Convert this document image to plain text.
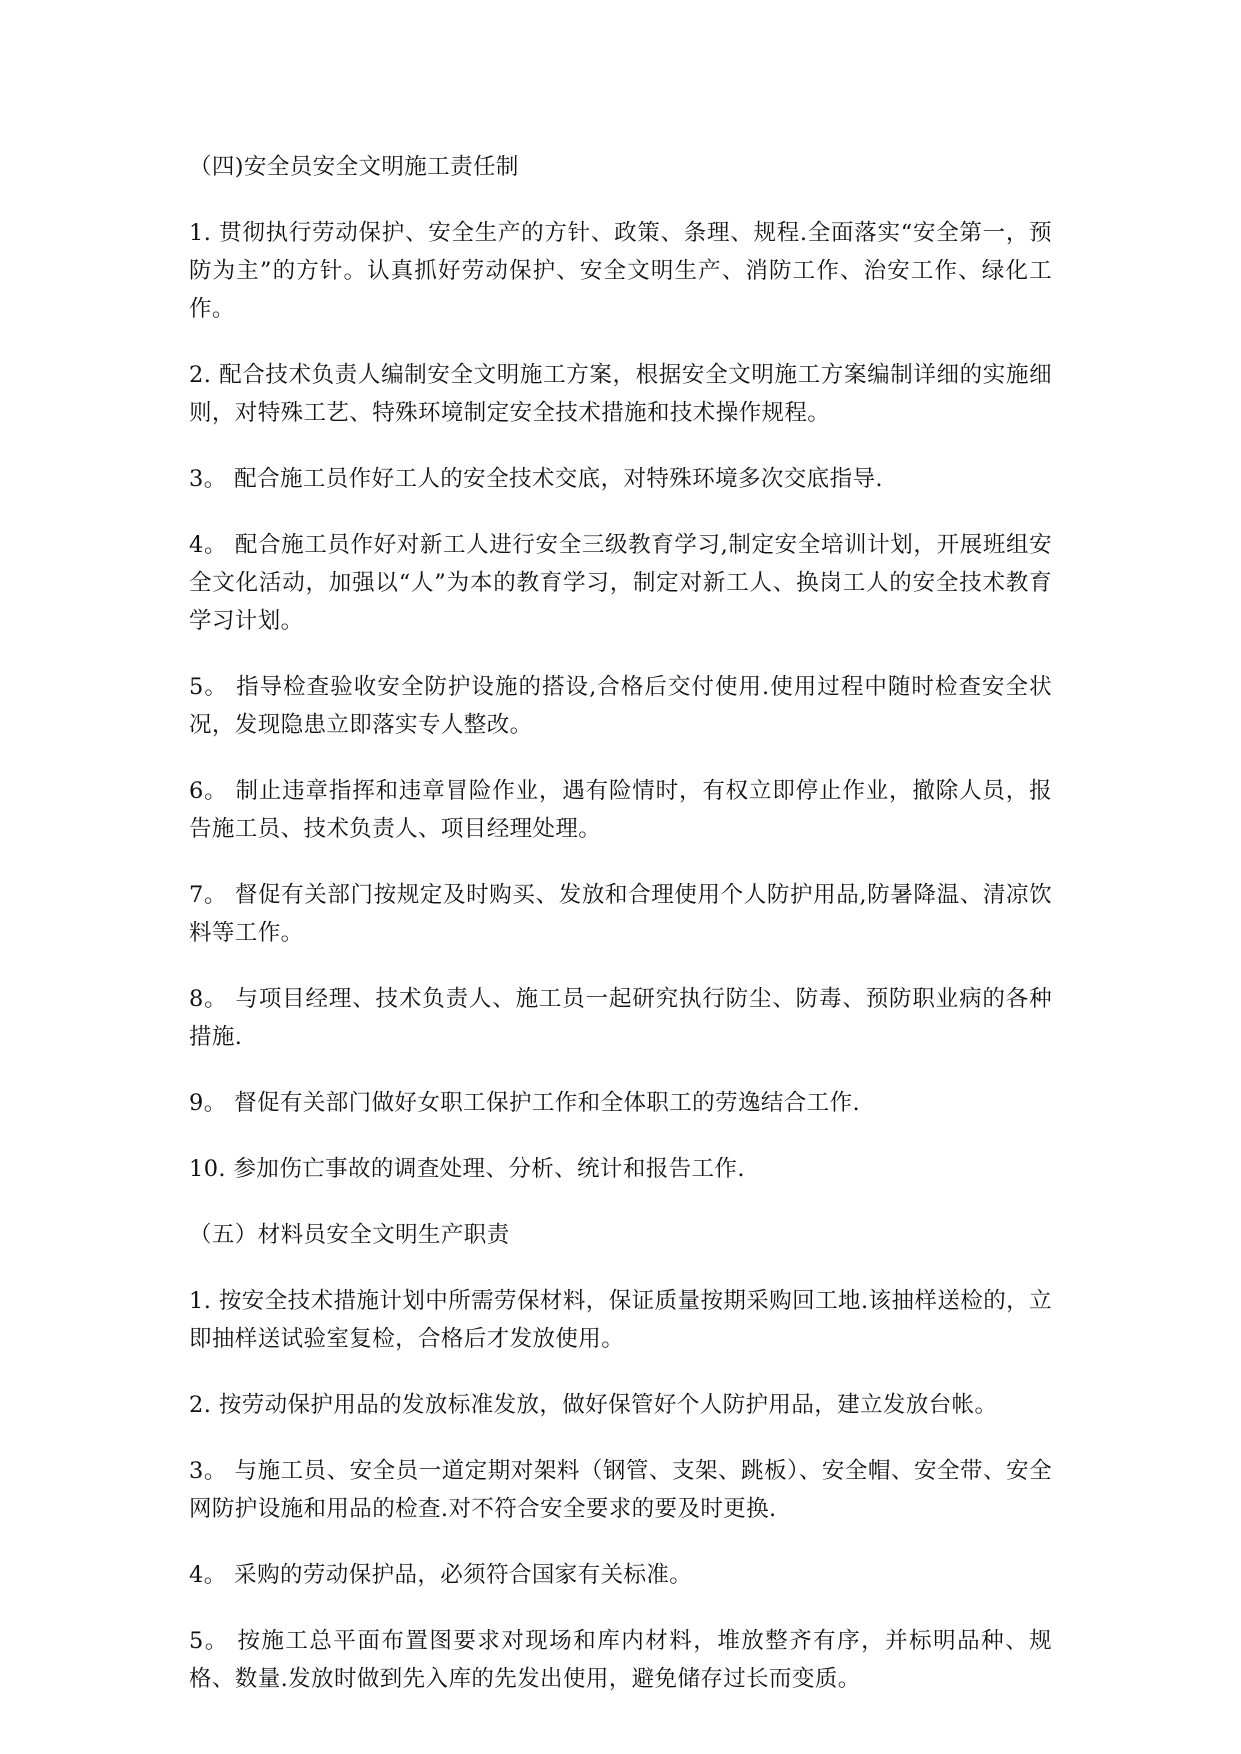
（四)安全员安全文明施工责任制

1. 贯彻执行劳动保护、安全生产的方针、政策、条理、规程.全面落实“安全第一，预防为主”的方针。认真抓好劳动保护、安全文明生产、消防工作、治安工作、绿化工作。

2. 配合技术负责人编制安全文明施工方案，根据安全文明施工方案编制详细的实施细则，对特殊工艺、特殊环境制定安全技术措施和技术操作规程。

3。 配合施工员作好工人的安全技术交底，对特殊环境多次交底指导.

4。 配合施工员作好对新工人进行安全三级教育学习,制定安全培训计划，开展班组安全文化活动，加强以“人”为本的教育学习，制定对新工人、换岗工人的安全技术教育学习计划。

5。 指导检查验收安全防护设施的搭设,合格后交付使用.使用过程中随时检查安全状况，发现隐患立即落实专人整改。

6。 制止违章指挥和违章冒险作业，遇有险情时，有权立即停止作业，撤除人员，报告施工员、技术负责人、项目经理处理。

7。 督促有关部门按规定及时购买、发放和合理使用个人防护用品,防暑降温、清凉饮料等工作。

8。 与项目经理、技术负责人、施工员一起研究执行防尘、防毒、预防职业病的各种措施.

9。 督促有关部门做好女职工保护工作和全体职工的劳逸结合工作.

10. 参加伤亡事故的调查处理、分析、统计和报告工作.

（五）材料员安全文明生产职责

1. 按安全技术措施计划中所需劳保材料，保证质量按期采购回工地.该抽样送检的，立即抽样送试验室复检，合格后才发放使用。

2. 按劳动保护用品的发放标准发放，做好保管好个人防护用品，建立发放台帐。

3。 与施工员、安全员一道定期对架料（钢管、支架、跳板）、安全帽、安全带、安全网防护设施和用品的检查.对不符合安全要求的要及时更换.

4。 采购的劳动保护品，必须符合国家有关标准。

5。 按施工总平面布置图要求对现场和库内材料，堆放整齐有序，并标明品种、规格、数量.发放时做到先入库的先发出使用，避免储存过长而变质。
